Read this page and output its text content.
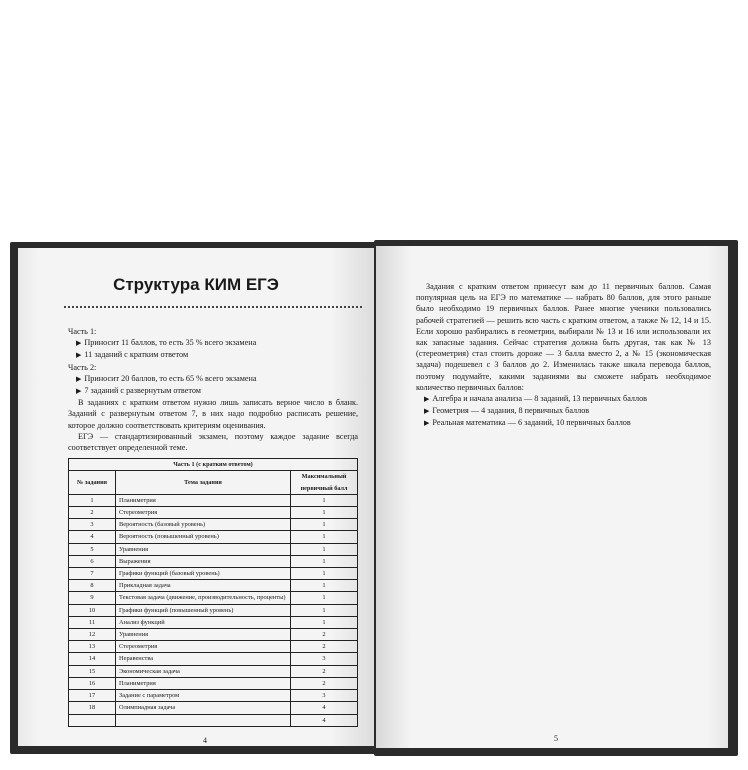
Структура КИМ ЕГЭ

Часть 1:

▶ Приносит 11 баллов, то есть 35 % всего экзамена

▶ 11 заданий с кратким ответом

Часть 2:

▶ Приносит 20 баллов, то есть 65 % всего экзамена

▶ 7 заданий с развернутым ответом

В заданиях с кратким ответом нужно лишь записать верное число в бланк. Заданий с развернутым ответом 7, в них надо подробно расписать решение, которое должно соответствовать критериям оценивания.

ЕГЭ — стандартизированный экзамен, поэтому каждое задание всегда соответствует определенной теме.

Часть 1 (с кратким ответом)		
№ задания	Тема задания	Максимальный первичный балл
1	Планиметрия	1
2	Стереометрия	1
3	Вероятность (базовый уровень)	1
4	Вероятность (повышенный уровень)	1
5	Уравнения	1
6	Выражения	1
7	Графики функций (базовый уровень)	1
8	Прикладная задача	1
9	Текстовая задача (движение, производительность, проценты)	1
10	Графики функций (повышенный уровень)	1
11	Анализ функций	1
12	Уравнения	2
13	Стереометрия	2
14	Неравенства	3
15	Экономическая задача	2
16	Планиметрия	2
17	Задание с параметром	3
18	Олимпиадная задача	4
		4
4

Задания с кратким ответом принесут вам до 11 первичных баллов. Самая популярная цель на ЕГЭ по математике — набрать 80 баллов, для этого раньше было необходимо 19 первичных баллов. Ранее многие ученики пользовались рабочей стратегией — решить всю часть с кратким ответом, а также № 12, 14 и 15. Если хорошо разбирались в геометрии, выбирали № 13 и 16 или использовали их как запасные задания. Сейчас стратегия должна быть другая, так как № 13 (стереометрия) стал стоить дороже — 3 балла вместо 2, а № 15 (экономическая задача) подешевел с 3 баллов до 2. Изменилась также шкала перевода баллов, поэтому подумайте, какими заданиями вы сможете набрать необходимое количество первичных баллов:

▶ Алгебра и начала анализа — 8 заданий, 13 первичных баллов

▶ Геометрия — 4 задания, 8 первичных баллов

▶ Реальная математика — 6 заданий, 10 первичных баллов

5
